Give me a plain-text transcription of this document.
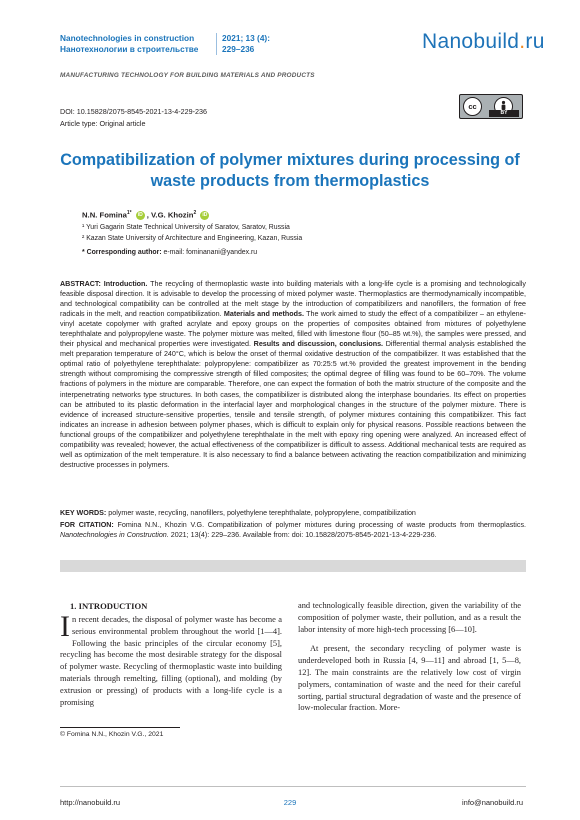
Nanotechnologies in construction
Нанотехнологии в строительстве
2021; 13 (4):
229–236	Nanobuild.ru
MANUFACTURING TECHNOLOGY FOR BUILDING MATERIALS AND PRODUCTS
DOI: 10.15828/2075-8545-2021-13-4-229-236
Article type: Original article
cc
BY
Compatibilization of polymer mixtures during processing of waste products from thermoplastics
N.N. Fomina$^{1*}$ iD , V.G. Khozin$^2$ iD
¹ Yuri Gagarin State Technical University of Saratov, Saratov, Russia
² Kazan State University of Architecture and Engineering, Kazan, Russia
* Corresponding author: e-mail: fominanani@yandex.ru
ABSTRACT: Introduction. The recycling of thermoplastic waste into building materials with a long-life cycle is a promising and technologically feasible disposal direction. It is advisable to develop the processing of mixed polymer waste. Thermoplastics are thermodynamically incompatible, and technological compatibility can be controlled at the melt stage by the introduction of compatibilizers and nanofillers, the formation of free radicals in the melt, and reaction compatibilization. Materials and methods. The work aimed to study the effect of a compatibilizer – an ethylene-vinyl acetate copolymer with grafted acrylate and epoxy groups on the properties of composites obtained from mixtures of polyethylene terephthalate and polypropylene waste. The polymer mixture was melted, filled with limestone flour (50–85 wt.%), the samples were pressed, and their physical and mechanical properties were investigated. Results and discussion, conclusions. Differential thermal analysis established the melt preparation temperature of 240°C, which is below the onset of thermal oxidative destruction of the compatibilizer. It was established that the optimal ratio of polyethylene terephthalate: polypropylene: compatibilizer as 70:25:5 wt.% provided the greatest improvement in the bending strength without compromising the compressive strength of filled composites; the optimal degree of filling was found to be 60–70%. The volume fractions of polymers in the mixture are comparable. Therefore, one can expect the formation of both the matrix structure of the composite and the interpenetrating networks type structures. In both cases, the compatibilizer is distributed along the interphase boundaries. Its effect on properties can be attributed to its plastic deformation in the interfacial layer and morphological changes in the structure of the polymer mixture. There is evidence of increased structure-sensitive properties, tensile and tensile strength, of polymer mixtures containing this compatibilizer. This fact indicates an increase in adhesion between polymer phases, which is difficult to explain only for physical reasons. Possible reactions between the functional groups of the compatibilizer and polyethylene terephthalate in the melt with epoxy ring opening were analyzed. An increased effect of compatibility was revealed; however, the actual effectiveness of the compatibilizer is difficult to assess. Additional mechanical tests are required as well as optimization of the melt temperature. It is also necessary to find a balance between activating the reaction compatibilization and minimizing destructive processes in polymers.
KEY WORDS: polymer waste, recycling, nanofillers, polyethylene terephthalate, polypropylene, compatibilization
FOR CITATION: Fomina N.N., Khozin V.G. Compatibilization of polymer mixtures during processing of waste products from thermoplastics. Nanotechnologies in Construction. 2021; 13(4): 229–236. Available from: doi: 10.15828/2075-8545-2021-13-4-229-236.
1. INTRODUCTION
In recent decades, the disposal of polymer waste has become a serious environmental problem throughout the world [1—4]. Following the basic principles of the circular economy [5], recycling has become the most desirable strategy for the disposal of polymer waste. Recycling of thermoplastic waste into building materials through remelting, filling (optional), and molding (by extrusion or pressing) of products with a long-life cycle is a promising

and technologically feasible direction, given the variability of the composition of polymer waste, their pollution, and as a result the labor intensity of more high-tech processing [6—10].

At present, the secondary recycling of polymer waste is underdeveloped both in Russia [4, 9—11] and abroad [1, 5—8, 12]. The main constraints are the relatively low cost of virgin polymers, contamination of waste and the need for their careful sorting, partial structural degradation of waste and the presence of low-molecular fraction. More-

© Fomina N.N., Khozin V.G., 2021
http://nanobuild.ru	229	info@nanobuild.ru
